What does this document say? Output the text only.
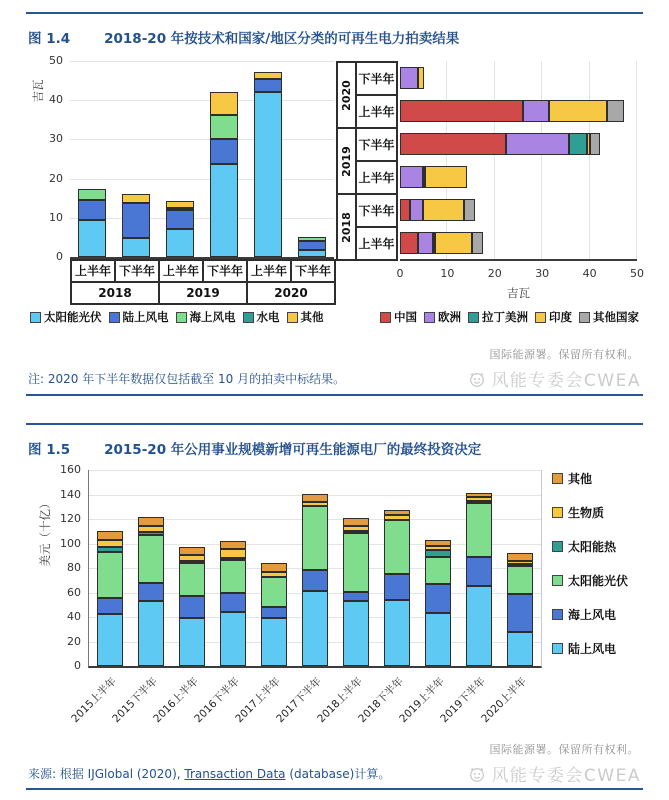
图 1.4	2018-20 年按技术和国家/地区分类的可再生电力拍卖结果
0
10
20
30
40
50
吉瓦
上半年 下半年 上半年 下半年 上半年 下半年
2018	2019	2020
2020
下半年
上半年
2019
下半年
上半年
2018
下半年
上半年
0	10	20	30	40	50
吉瓦
太阳能光伏 陆上风电 海上风电 水电 其他	中国 欧洲 拉丁美洲 印度 其他国家
国际能源署。保留所有权利。
注: 2020 年下半年数据仅包括截至 10 月的拍卖中标结果。	风能专委会CWEA
图 1.5	2015-20 年公用事业规模新增可再生能源电厂的最终投资决定
0
20
40
60
80
100
120
140
160
美元（十亿）
2015上半年
2015下半年
2016上半年
2016下半年
2017上半年
2017下半年
2018上半年
2018下半年
2019上半年
2019下半年
2020上半年
其他
生物质
太阳能热
太阳能光伏
海上风电
陆上风电
国际能源署。保留所有权利。
来源: 根据 IJGlobal (2020), Transaction Data (database)计算。	风能专委会CWEA
